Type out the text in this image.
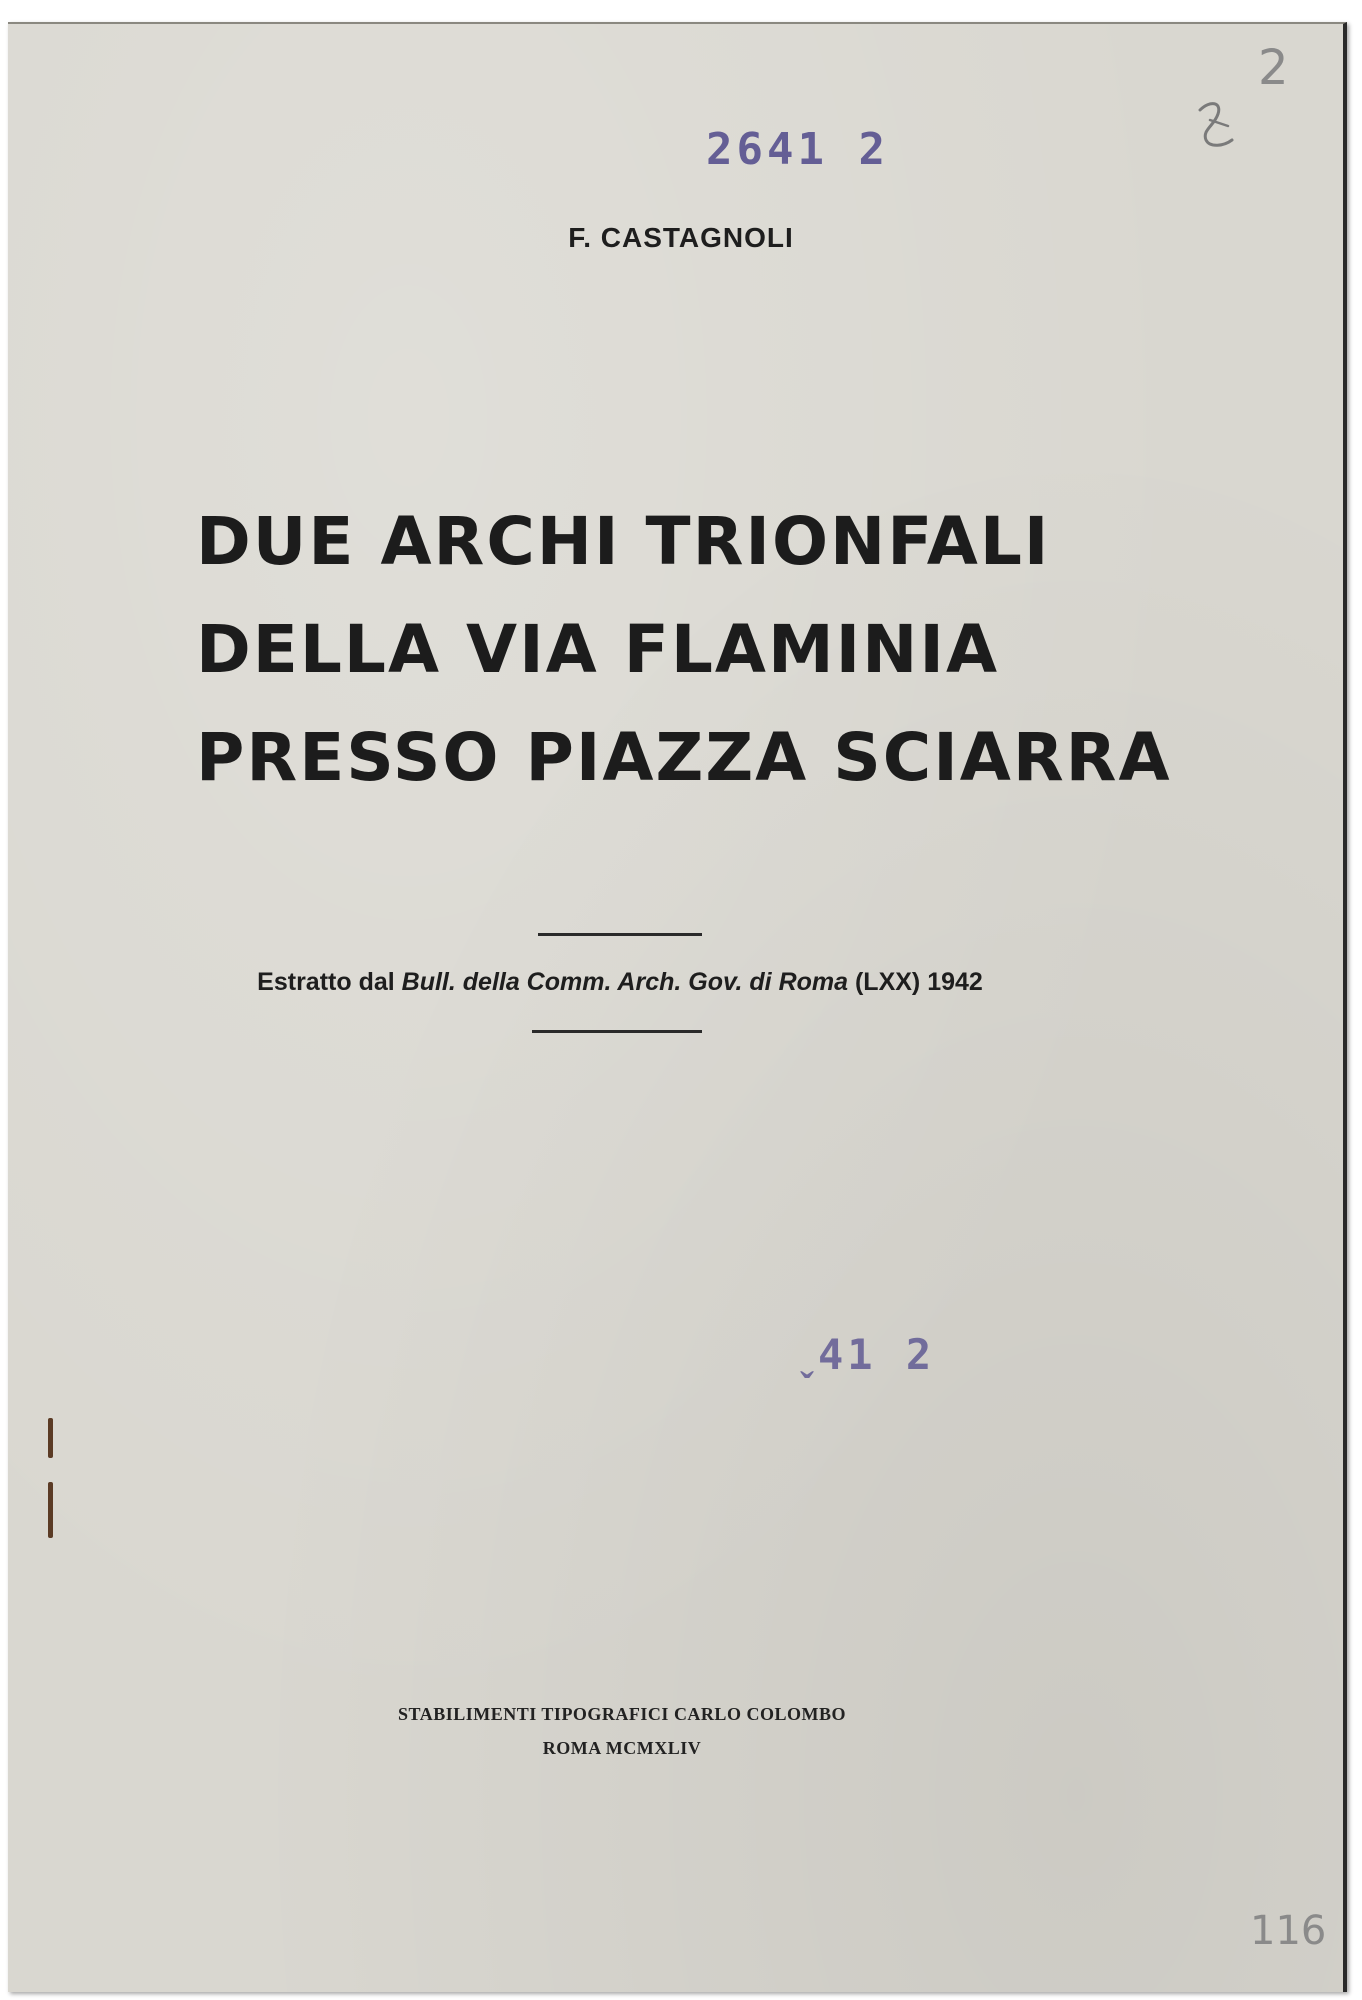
2641 2
2
F. CASTAGNOLI
DUE ARCHI TRIONFALI
DELLA VIA FLAMINIA
PRESSO PIAZZA SCIARRA
Estratto dal Bull. della Comm. Arch. Gov. di Roma (LXX) 1942
ˬ41 2
STABILIMENTI TIPOGRAFICI CARLO COLOMBO
ROMA MCMXLIV
116
